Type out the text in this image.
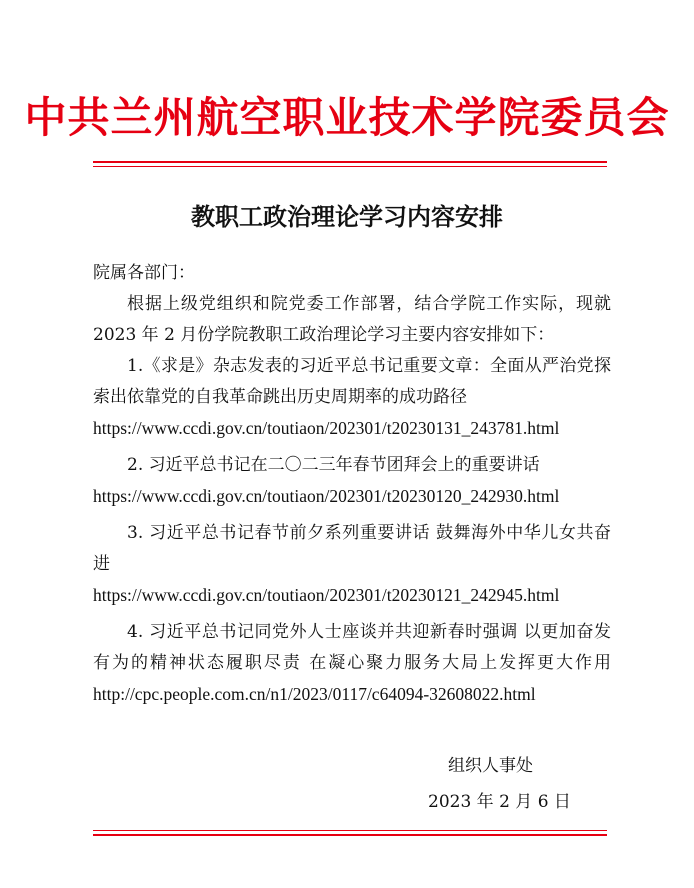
中共兰州航空职业技术学院委员会
教职工政治理论学习内容安排

院属各部门：

根据上级党组织和院党委工作部署，结合学院工作实际，现就 2023 年 2 月份学院教职工政治理论学习主要内容安排如下：

1.《求是》杂志发表的习近平总书记重要文章：全面从严治党探索出依靠党的自我革命跳出历史周期率的成功路径

https://www.ccdi.gov.cn/toutiaon/202301/t20230131_243781.html

2. 习近平总书记在二〇二三年春节团拜会上的重要讲话

https://www.ccdi.gov.cn/toutiaon/202301/t20230120_242930.html

3. 习近平总书记春节前夕系列重要讲话 鼓舞海外中华儿女共奋进

https://www.ccdi.gov.cn/toutiaon/202301/t20230121_242945.html

4. 习近平总书记同党外人士座谈并共迎新春时强调 以更加奋发有为的精神状态履职尽责 在凝心聚力服务大局上发挥更大作用 http://cpc.people.com.cn/n1/2023/0117/c64094-32608022.html

组织人事处
2023 年 2 月 6 日
